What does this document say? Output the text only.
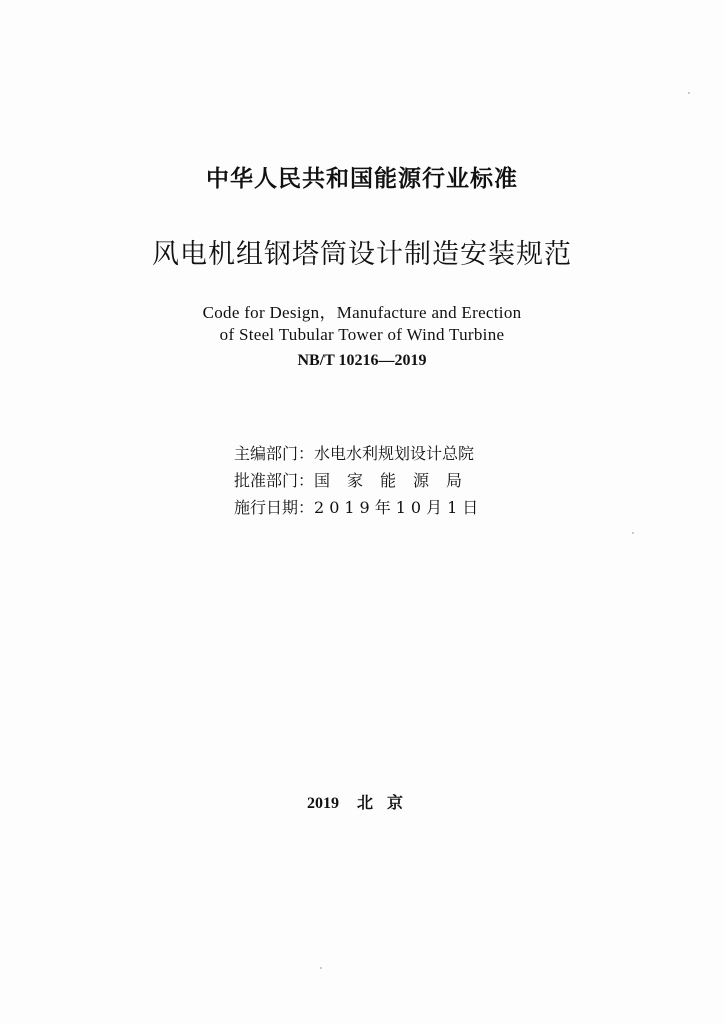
中华人民共和国能源行业标准
风电机组钢塔筒设计制造安装规范
Code for Design，Manufacture and Erection
of Steel Tubular Tower of Wind Turbine
NB/T 10216—2019
主编部门：水电水利规划设计总院
批准部门：国家能源局
施行日期：2019年10月1日
2019 北京
